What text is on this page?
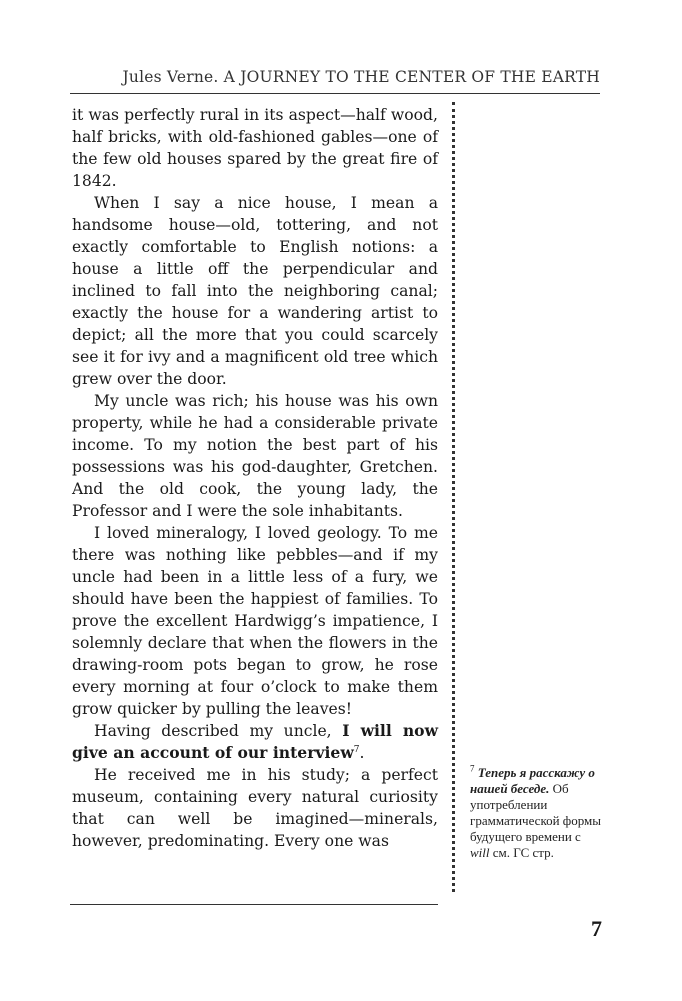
Jules Verne. A JOURNEY TO THE CENTER OF THE EARTH

it was perfectly rural in its aspect—half wood, half bricks, with old-fashioned gables—one of the few old houses spared by the great fire of 1842.

When I say a nice house, I mean a handsome house—old, tottering, and not exactly comfortable to English notions: a house a little off the perpendicular and inclined to fall into the neighboring canal; exactly the house for a wandering artist to depict; all the more that you could scarcely see it for ivy and a magnificent old tree which grew over the door.

My uncle was rich; his house was his own property, while he had a considerable private income. To my notion the best part of his possessions was his god-daughter, Gretchen. And the old cook, the young lady, the Professor and I were the sole inhabitants.

I loved mineralogy, I loved geology. To me there was nothing like pebbles—and if my uncle had been in a little less of a fury, we should have been the happiest of families. To prove the excellent Hardwigg’s impatience, I solemnly declare that when the flowers in the drawing-room pots began to grow, he rose every morning at four o’clock to make them grow quicker by pulling the leaves!

Having described my uncle, I will now give an account of our interview$^7$.

He received me in his study; a perfect museum, containing every natural curiosity that can well be imagined—minerals, however, predominating. Every one was

$^7$ Теперь я расскажу о нашей беседе. Об употреблении грамматической формы будущего времени с will см. ГС стр.
7
